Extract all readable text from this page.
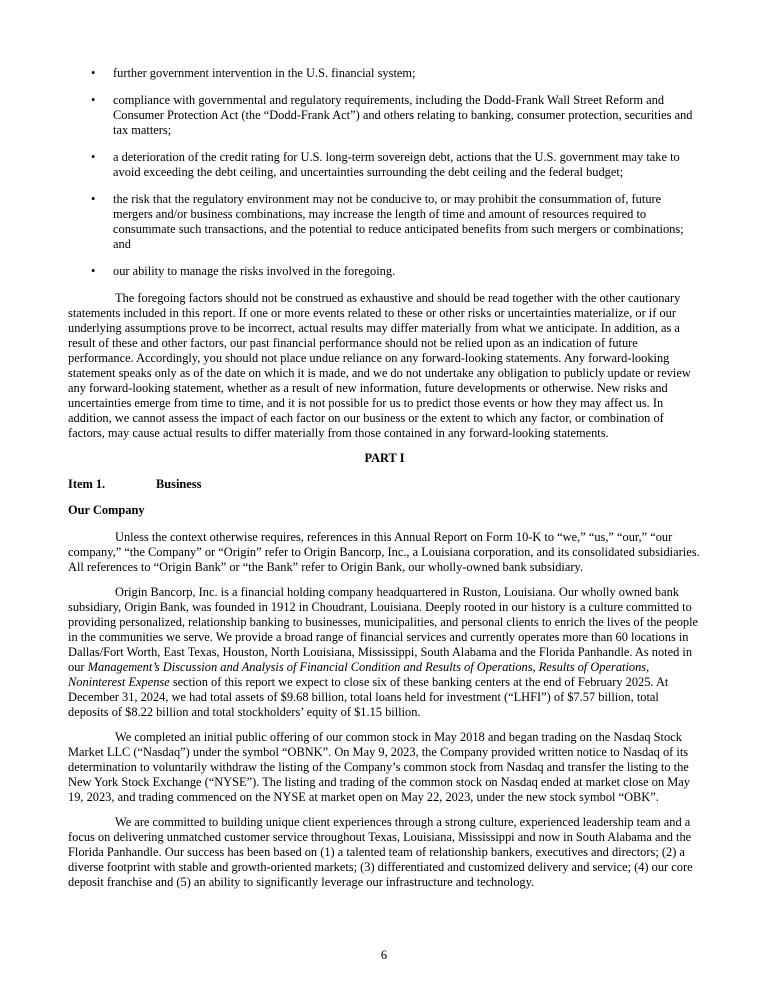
•	further government intervention in the U.S. financial system;
•	compliance with governmental and regulatory requirements, including the Dodd-Frank Wall Street Reform and Consumer Protection Act (the “Dodd-Frank Act”) and others relating to banking, consumer protection, securities and tax matters;
•	a deterioration of the credit rating for U.S. long-term sovereign debt, actions that the U.S. government may take to avoid exceeding the debt ceiling, and uncertainties surrounding the debt ceiling and the federal budget;
•	the risk that the regulatory environment may not be conducive to, or may prohibit the consummation of, future mergers and/or business combinations, may increase the length of time and amount of resources required to consummate such transactions, and the potential to reduce anticipated benefits from such mergers or combinations; and
•	our ability to manage the risks involved in the foregoing.

The foregoing factors should not be construed as exhaustive and should be read together with the other cautionary statements included in this report. If one or more events related to these or other risks or uncertainties materialize, or if our underlying assumptions prove to be incorrect, actual results may differ materially from what we anticipate. In addition, as a result of these and other factors, our past financial performance should not be relied upon as an indication of future performance. Accordingly, you should not place undue reliance on any forward-looking statements. Any forward-looking statement speaks only as of the date on which it is made, and we do not undertake any obligation to publicly update or review any forward-looking statement, whether as a result of new information, future developments or otherwise. New risks and uncertainties emerge from time to time, and it is not possible for us to predict those events or how they may affect us. In addition, we cannot assess the impact of each factor on our business or the extent to which any factor, or combination of factors, may cause actual results to differ materially from those contained in any forward-looking statements.

PART I
Item 1.	Business
Our Company

Unless the context otherwise requires, references in this Annual Report on Form 10-K to “we,” “us,” “our,” “our company,” “the Company” or “Origin” refer to Origin Bancorp, Inc., a Louisiana corporation, and its consolidated subsidiaries. All references to “Origin Bank” or “the Bank” refer to Origin Bank, our wholly-owned bank subsidiary.

Origin Bancorp, Inc. is a financial holding company headquartered in Ruston, Louisiana. Our wholly owned bank subsidiary, Origin Bank, was founded in 1912 in Choudrant, Louisiana. Deeply rooted in our history is a culture committed to providing personalized, relationship banking to businesses, municipalities, and personal clients to enrich the lives of the people in the communities we serve. We provide a broad range of financial services and currently operates more than 60 locations in Dallas/Fort Worth, East Texas, Houston, North Louisiana, Mississippi, South Alabama and the Florida Panhandle. As noted in our Management’s Discussion and Analysis of Financial Condition and Results of Operations, Results of Operations, Noninterest Expense section of this report we expect to close six of these banking centers at the end of February 2025. At December 31, 2024, we had total assets of $9.68 billion, total loans held for investment (“LHFI”) of $7.57 billion, total deposits of $8.22 billion and total stockholders’ equity of $1.15 billion.

We completed an initial public offering of our common stock in May 2018 and began trading on the Nasdaq Stock Market LLC (“Nasdaq”) under the symbol “OBNK”. On May 9, 2023, the Company provided written notice to Nasdaq of its determination to voluntarily withdraw the listing of the Company’s common stock from Nasdaq and transfer the listing to the New York Stock Exchange (“NYSE”). The listing and trading of the common stock on Nasdaq ended at market close on May 19, 2023, and trading commenced on the NYSE at market open on May 22, 2023, under the new stock symbol “OBK”.

We are committed to building unique client experiences through a strong culture, experienced leadership team and a focus on delivering unmatched customer service throughout Texas, Louisiana, Mississippi and now in South Alabama and the Florida Panhandle. Our success has been based on (1) a talented team of relationship bankers, executives and directors; (2) a diverse footprint with stable and growth-oriented markets; (3) differentiated and customized delivery and service; (4) our core deposit franchise and (5) an ability to significantly leverage our infrastructure and technology.

6
